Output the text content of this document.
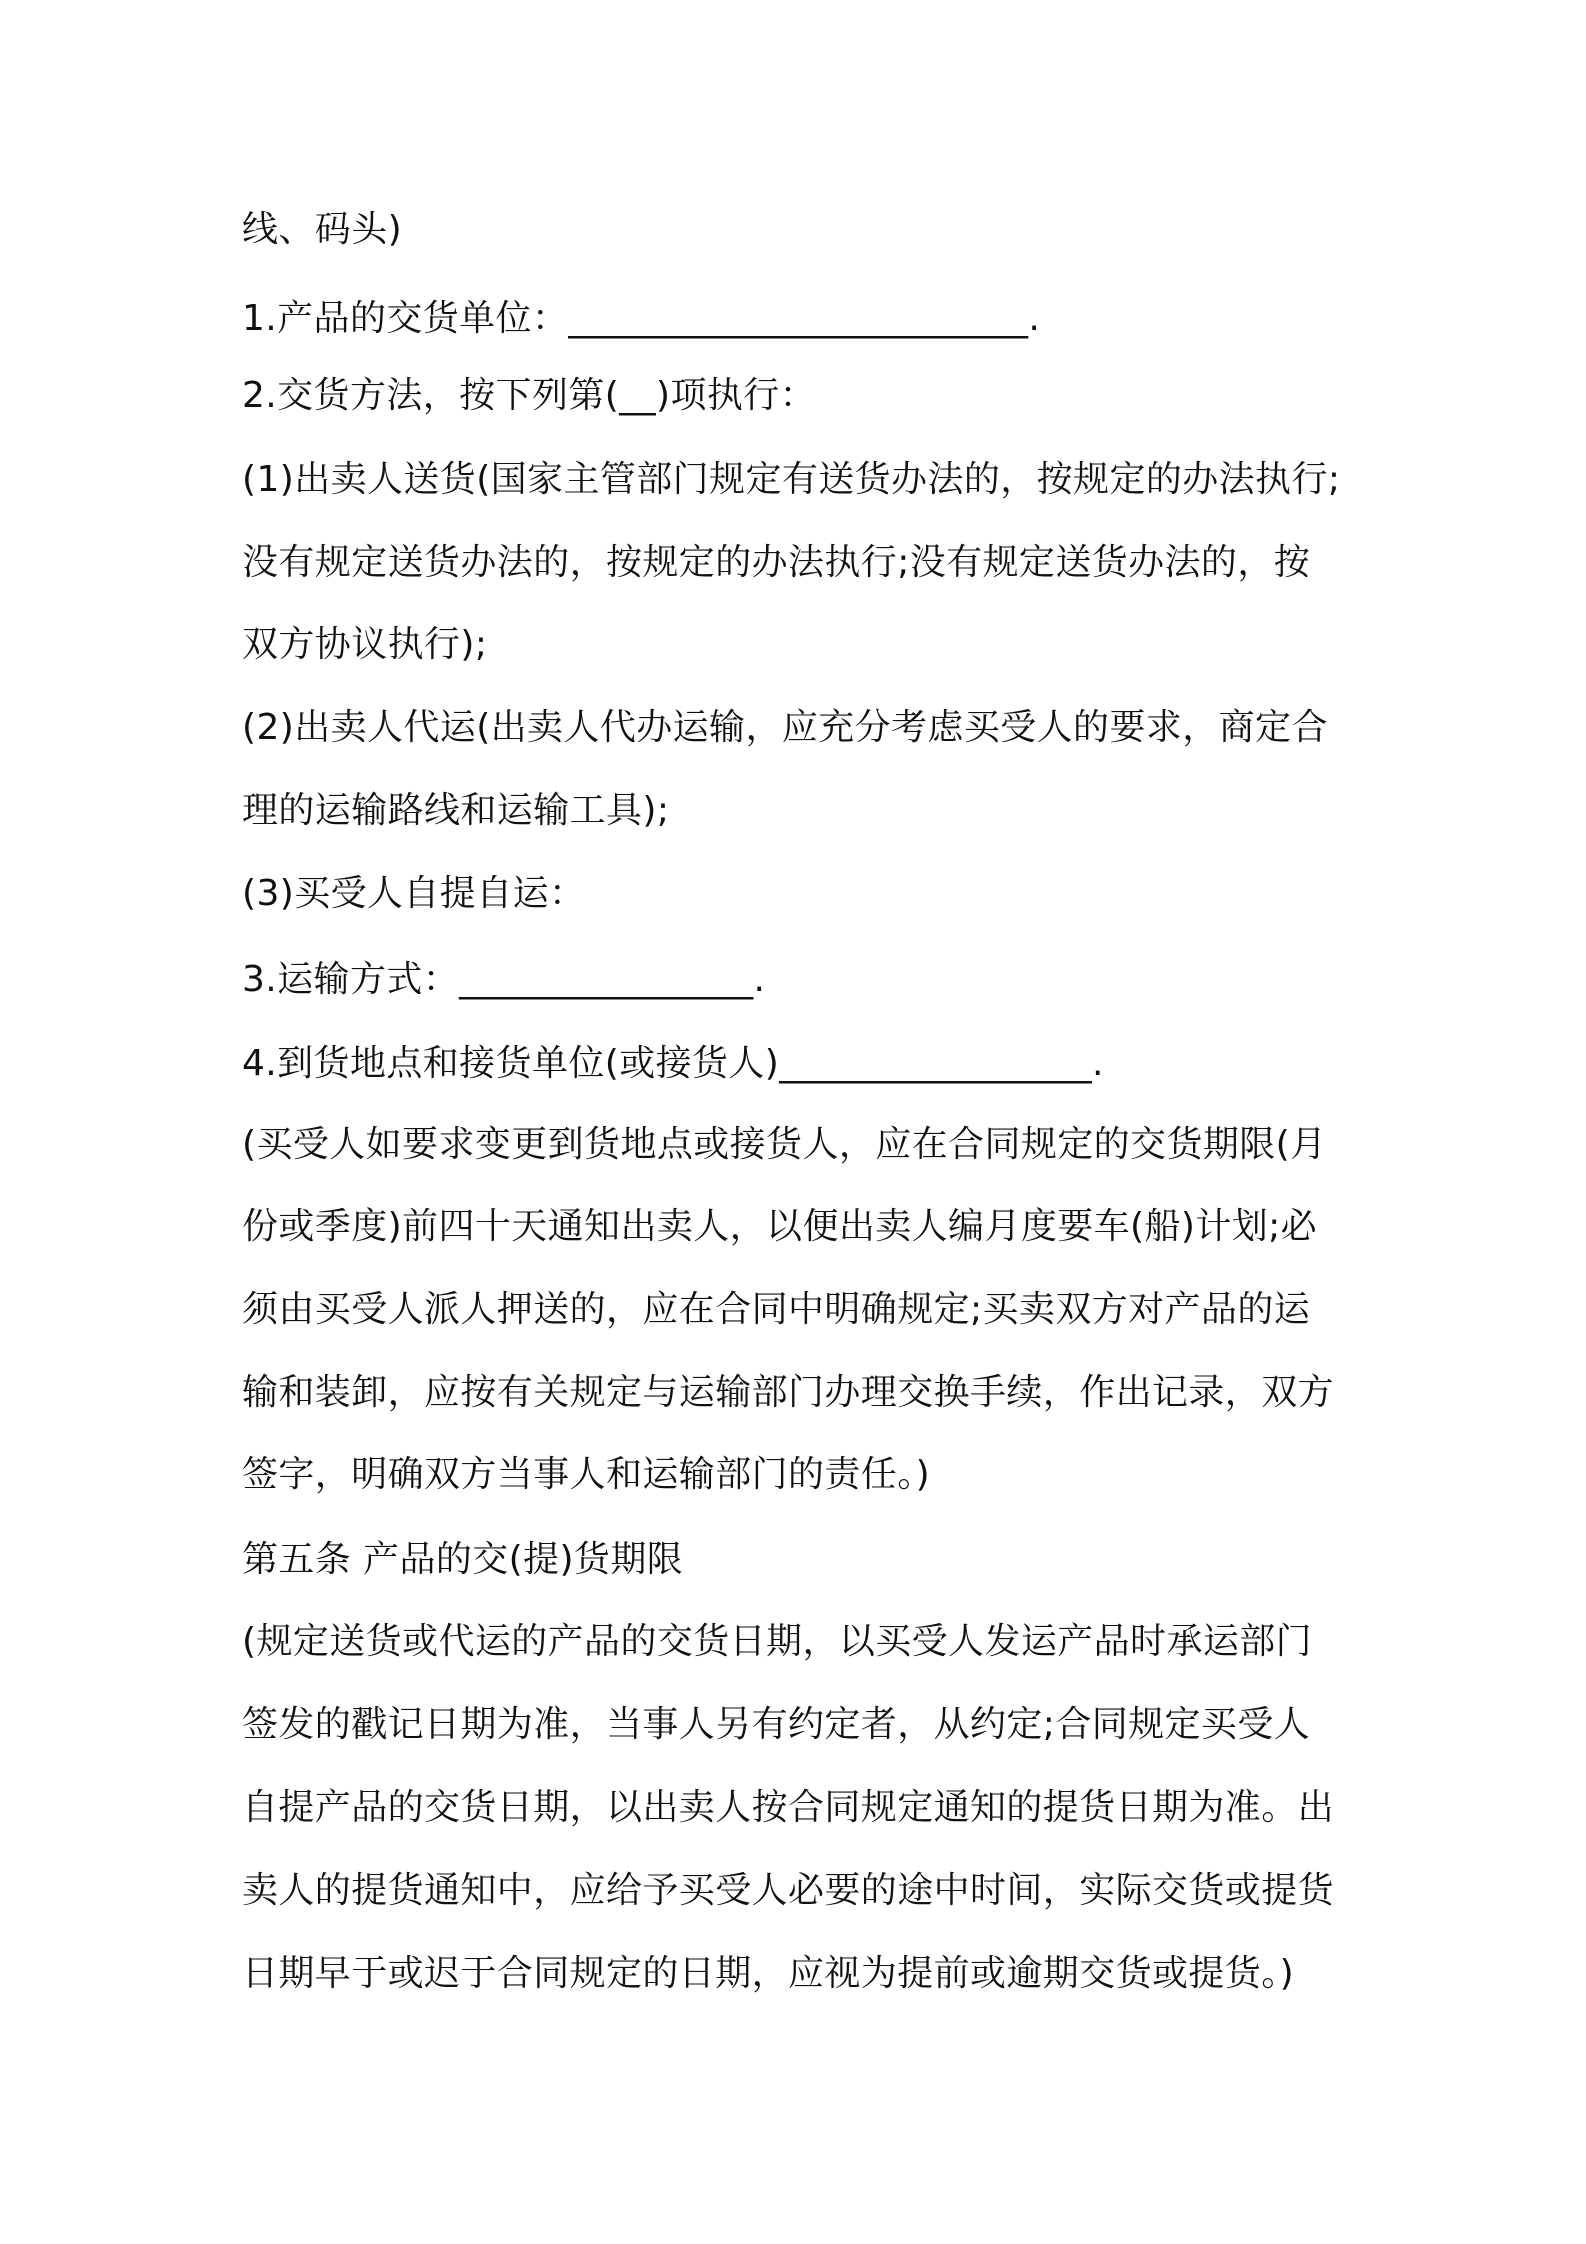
线、码头)
1.产品的交货单位：_________________________.
2.交货方法，按下列第(__)项执行：
(1)出卖人送货(国家主管部门规定有送货办法的，按规定的办法执行;
没有规定送货办法的，按规定的办法执行;没有规定送货办法的，按
双方协议执行);
(2)出卖人代运(出卖人代办运输，应充分考虑买受人的要求，商定合
理的运输路线和运输工具);
(3)买受人自提自运：
3.运输方式：________________.
4.到货地点和接货单位(或接货人)_________________.
(买受人如要求变更到货地点或接货人，应在合同规定的交货期限(月
份或季度)前四十天通知出卖人，以便出卖人编月度要车(船)计划;必
须由买受人派人押送的，应在合同中明确规定;买卖双方对产品的运
输和装卸，应按有关规定与运输部门办理交换手续，作出记录，双方
签字，明确双方当事人和运输部门的责任。)
第五条 产品的交(提)货期限
(规定送货或代运的产品的交货日期，以买受人发运产品时承运部门
签发的戳记日期为准，当事人另有约定者，从约定;合同规定买受人
自提产品的交货日期，以出卖人按合同规定通知的提货日期为准。出
卖人的提货通知中，应给予买受人必要的途中时间，实际交货或提货
日期早于或迟于合同规定的日期，应视为提前或逾期交货或提货。)
